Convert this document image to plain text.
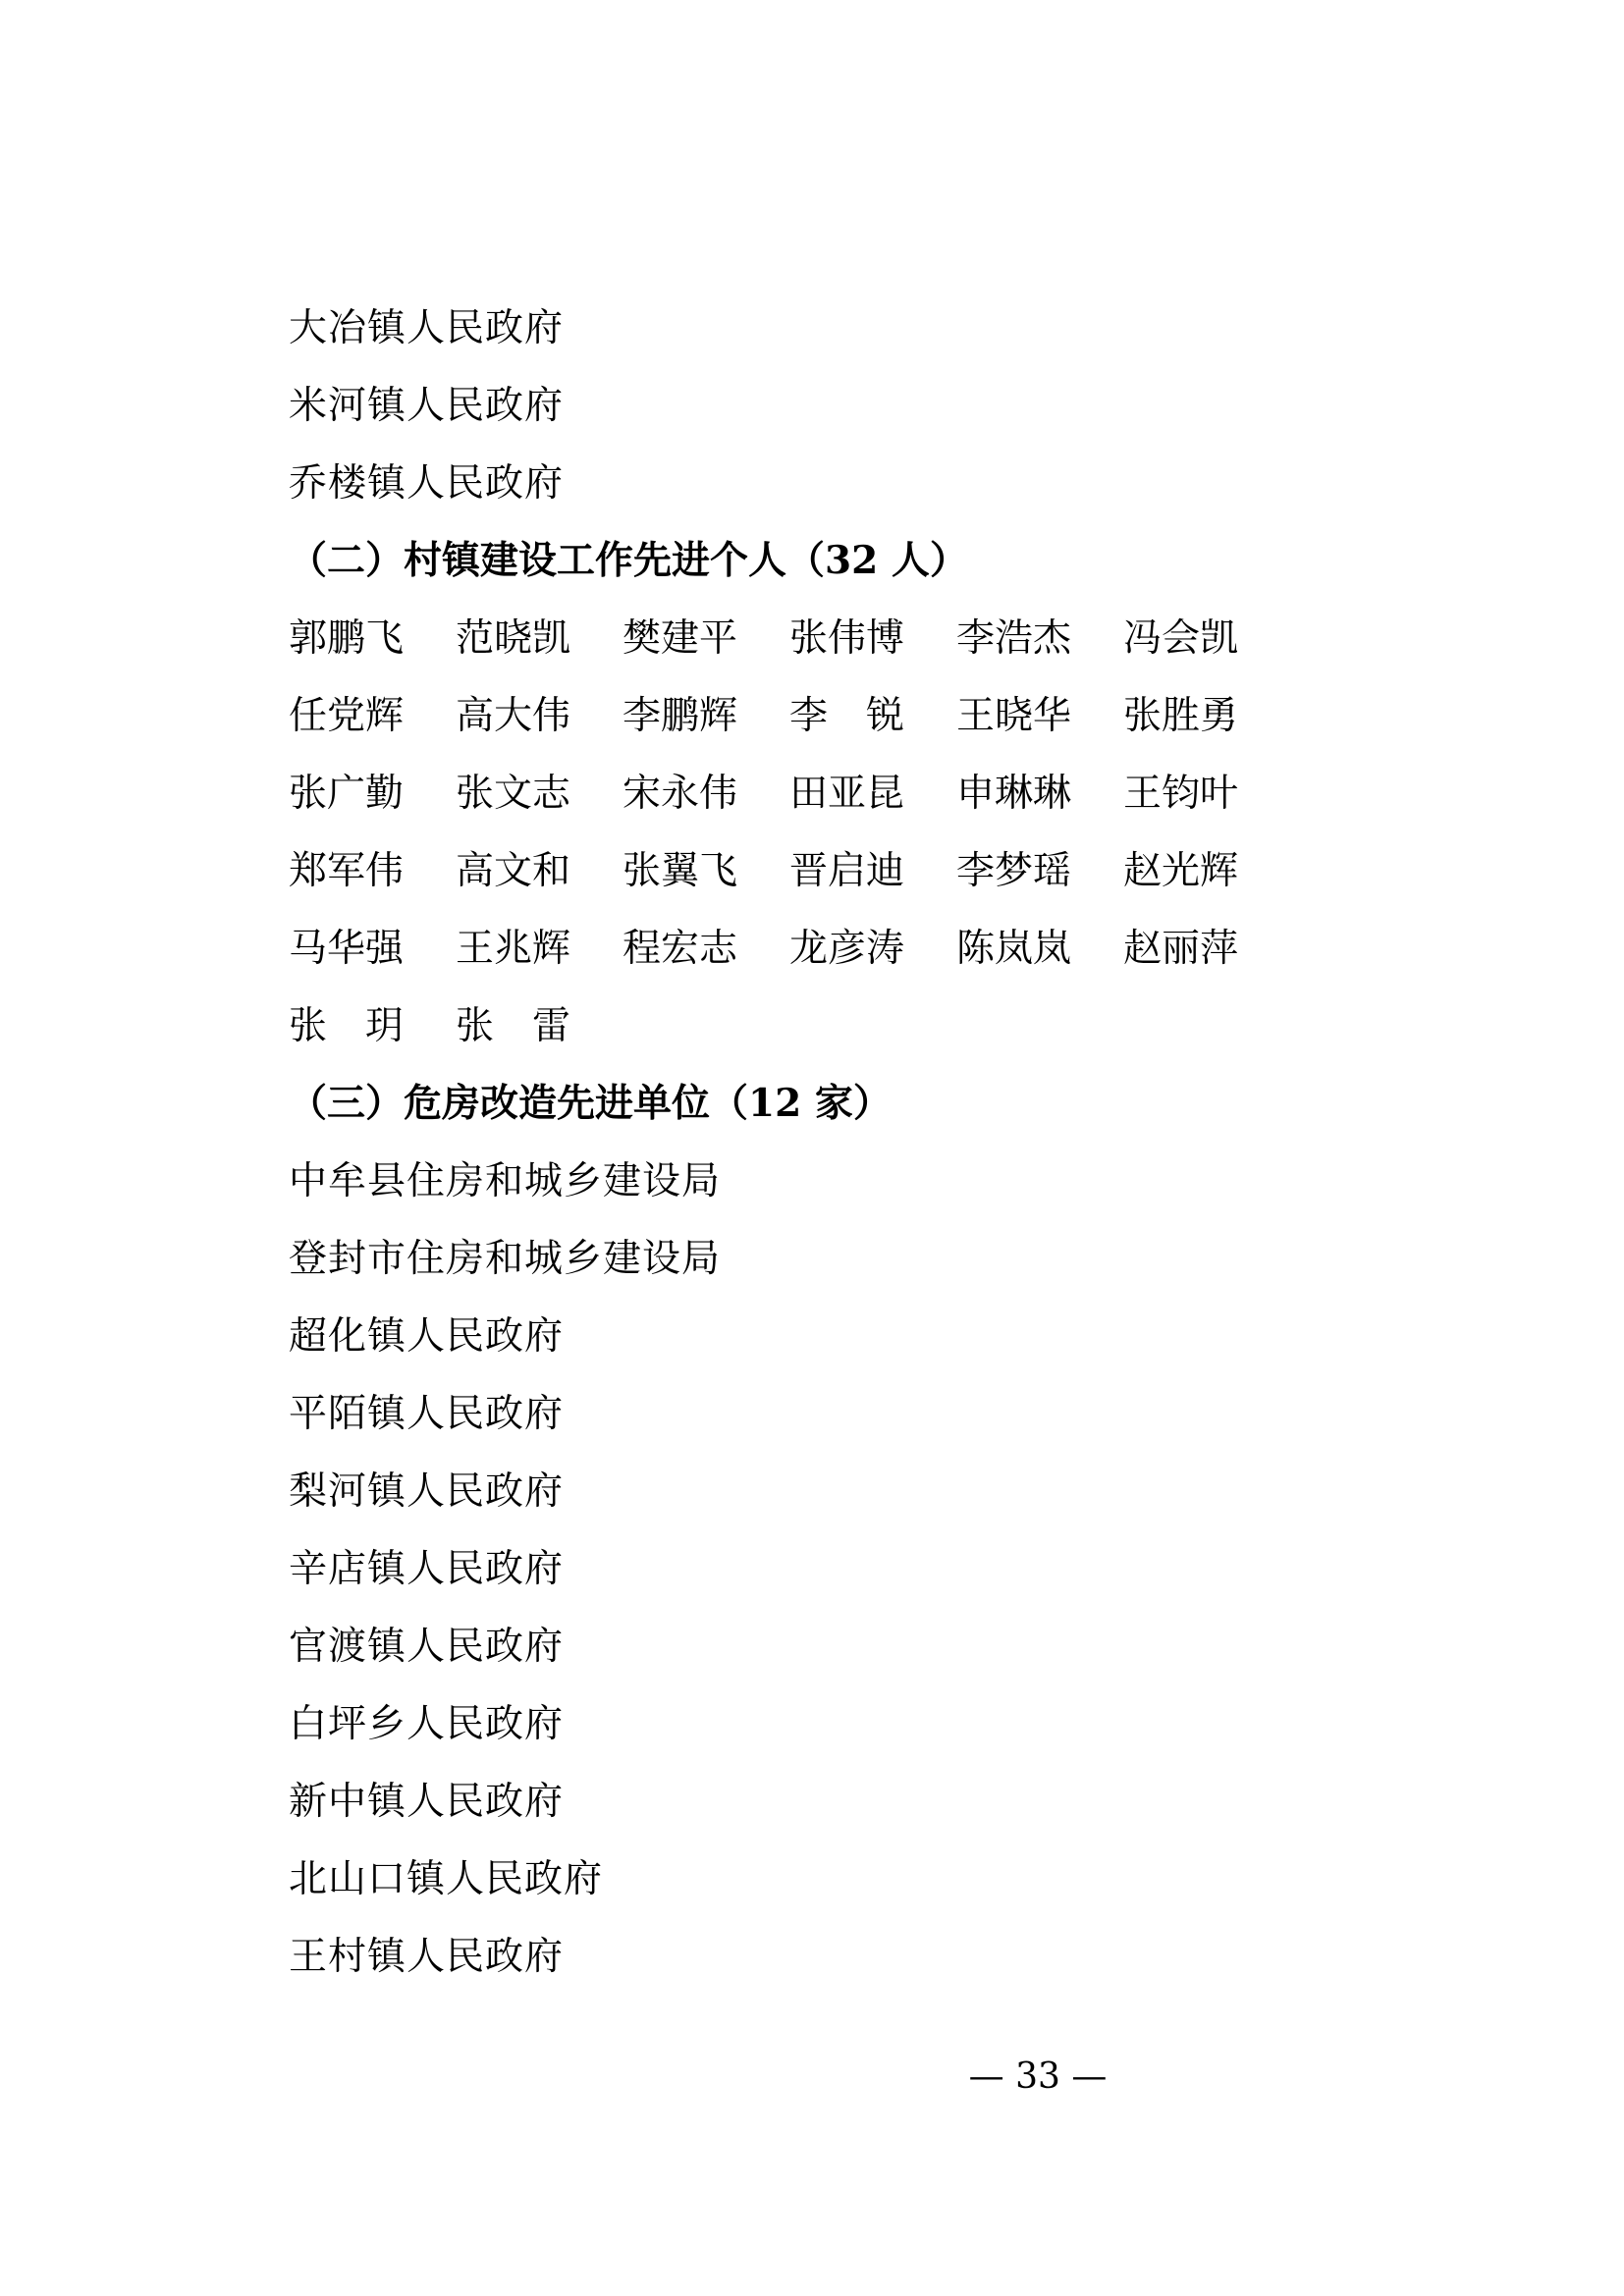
大冶镇人民政府
米河镇人民政府
乔楼镇人民政府
（二）村镇建设工作先进个人（32 人）
郭鹏飞	范晓凯	樊建平	张伟博	李浩杰	冯会凯
任党辉	高大伟	李鹏辉	李　锐	王晓华	张胜勇
张广勤	张文志	宋永伟	田亚昆	申琳琳	王钧叶
郑军伟	高文和	张翼飞	晋启迪	李梦瑶	赵光辉
马华强	王兆辉	程宏志	龙彦涛	陈岚岚	赵丽萍
张　玥	张　雷
（三）危房改造先进单位（12 家）
中牟县住房和城乡建设局
登封市住房和城乡建设局
超化镇人民政府
平陌镇人民政府
梨河镇人民政府
辛店镇人民政府
官渡镇人民政府
白坪乡人民政府
新中镇人民政府
北山口镇人民政府
王村镇人民政府
— 33 —
